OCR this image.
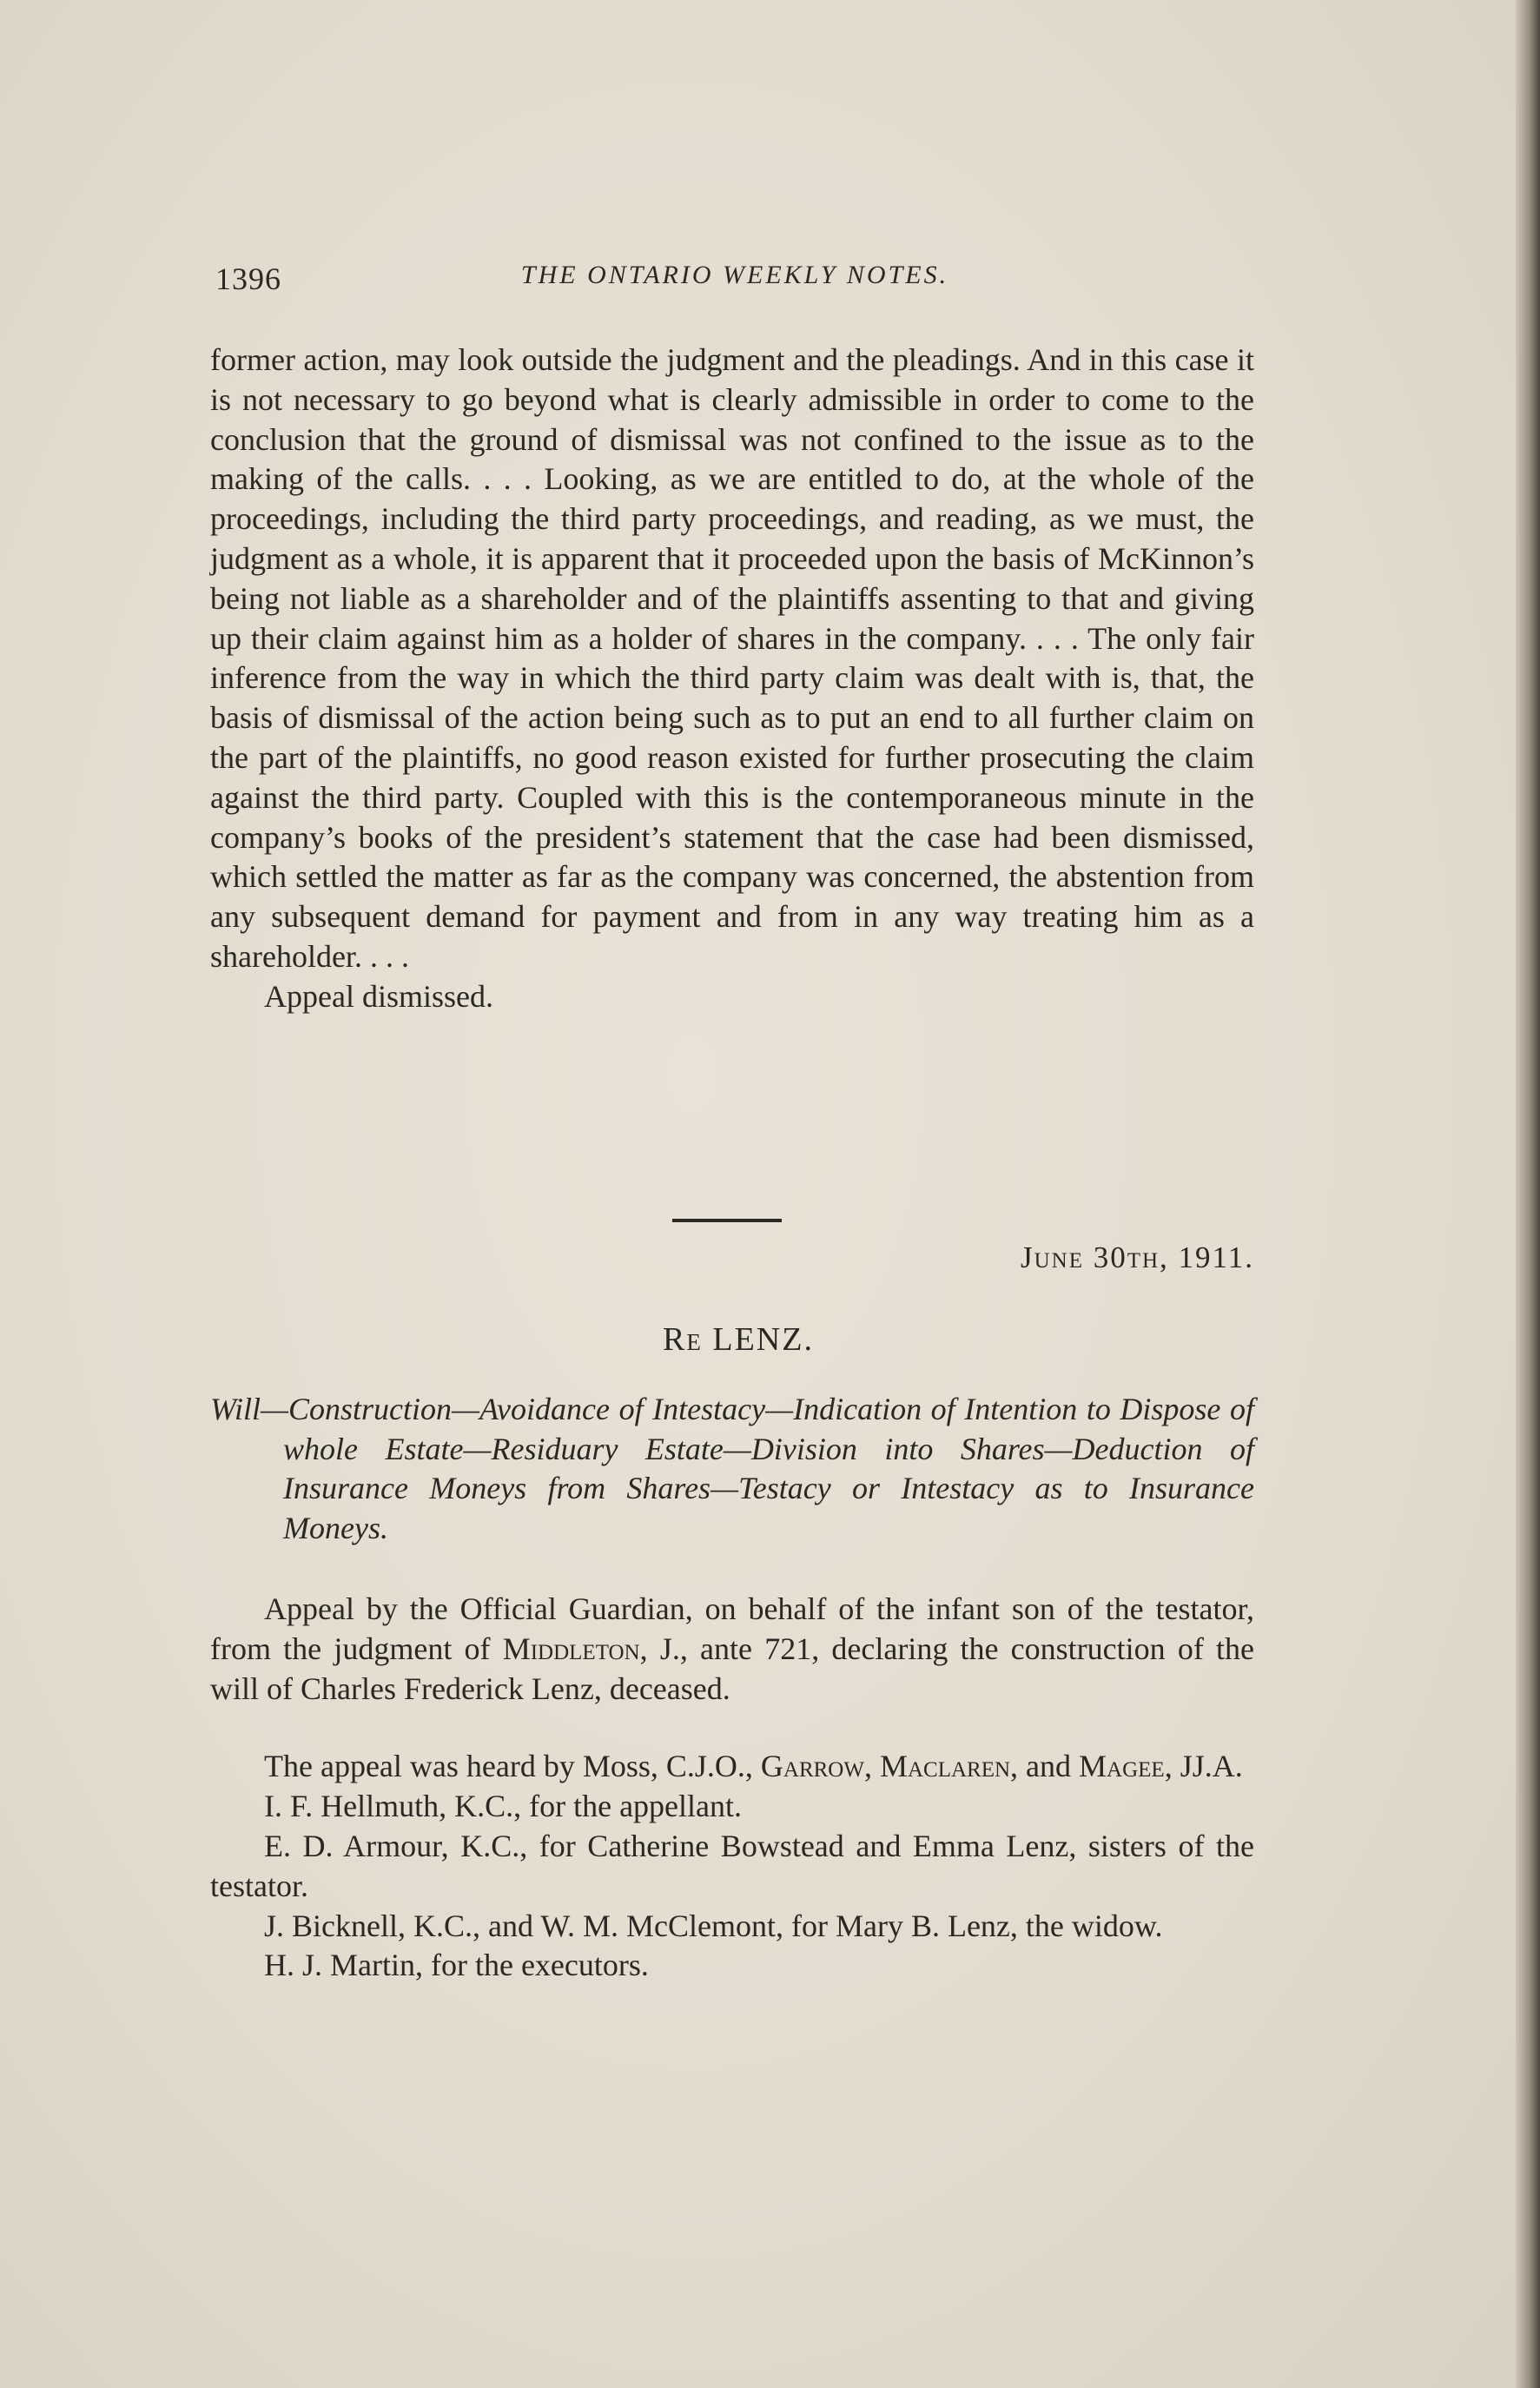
1396	THE ONTARIO WEEKLY NOTES.

former action, may look outside the judgment and the pleadings. And in this case it is not necessary to go beyond what is clearly admissible in order to come to the conclusion that the ground of dismissal was not confined to the issue as to the making of the calls. . . . Looking, as we are entitled to do, at the whole of the proceedings, including the third party proceedings, and reading, as we must, the judgment as a whole, it is apparent that it proceeded upon the basis of McKinnon’s being not liable as a shareholder and of the plaintiffs assenting to that and giving up their claim against him as a holder of shares in the company. . . . The only fair inference from the way in which the third party claim was dealt with is, that, the basis of dismissal of the action being such as to put an end to all further claim on the part of the plaintiffs, no good reason existed for further prosecuting the claim against the third party. Coupled with this is the contemporaneous minute in the company’s books of the president’s statement that the case had been dismissed, which settled the matter as far as the company was concerned, the abstention from any subsequent demand for payment and from in any way treating him as a shareholder. . . .

Appeal dismissed.

June 30th, 1911.
Re LENZ.
Will—Construction—Avoidance of Intestacy—Indication of Intention to Dispose of whole Estate—Residuary Estate—Division into Shares—Deduction of Insurance Moneys from Shares—Testacy or Intestacy as to Insurance Moneys.

Appeal by the Official Guardian, on behalf of the infant son of the testator, from the judgment of Middleton, J., ante 721, declaring the construction of the will of Charles Frederick Lenz, deceased.

The appeal was heard by Moss, C.J.O., Garrow, Maclaren, and Magee, JJ.A.

I. F. Hellmuth, K.C., for the appellant.

E. D. Armour, K.C., for Catherine Bowstead and Emma Lenz, sisters of the testator.

J. Bicknell, K.C., and W. M. McClemont, for Mary B. Lenz, the widow.

H. J. Martin, for the executors.
